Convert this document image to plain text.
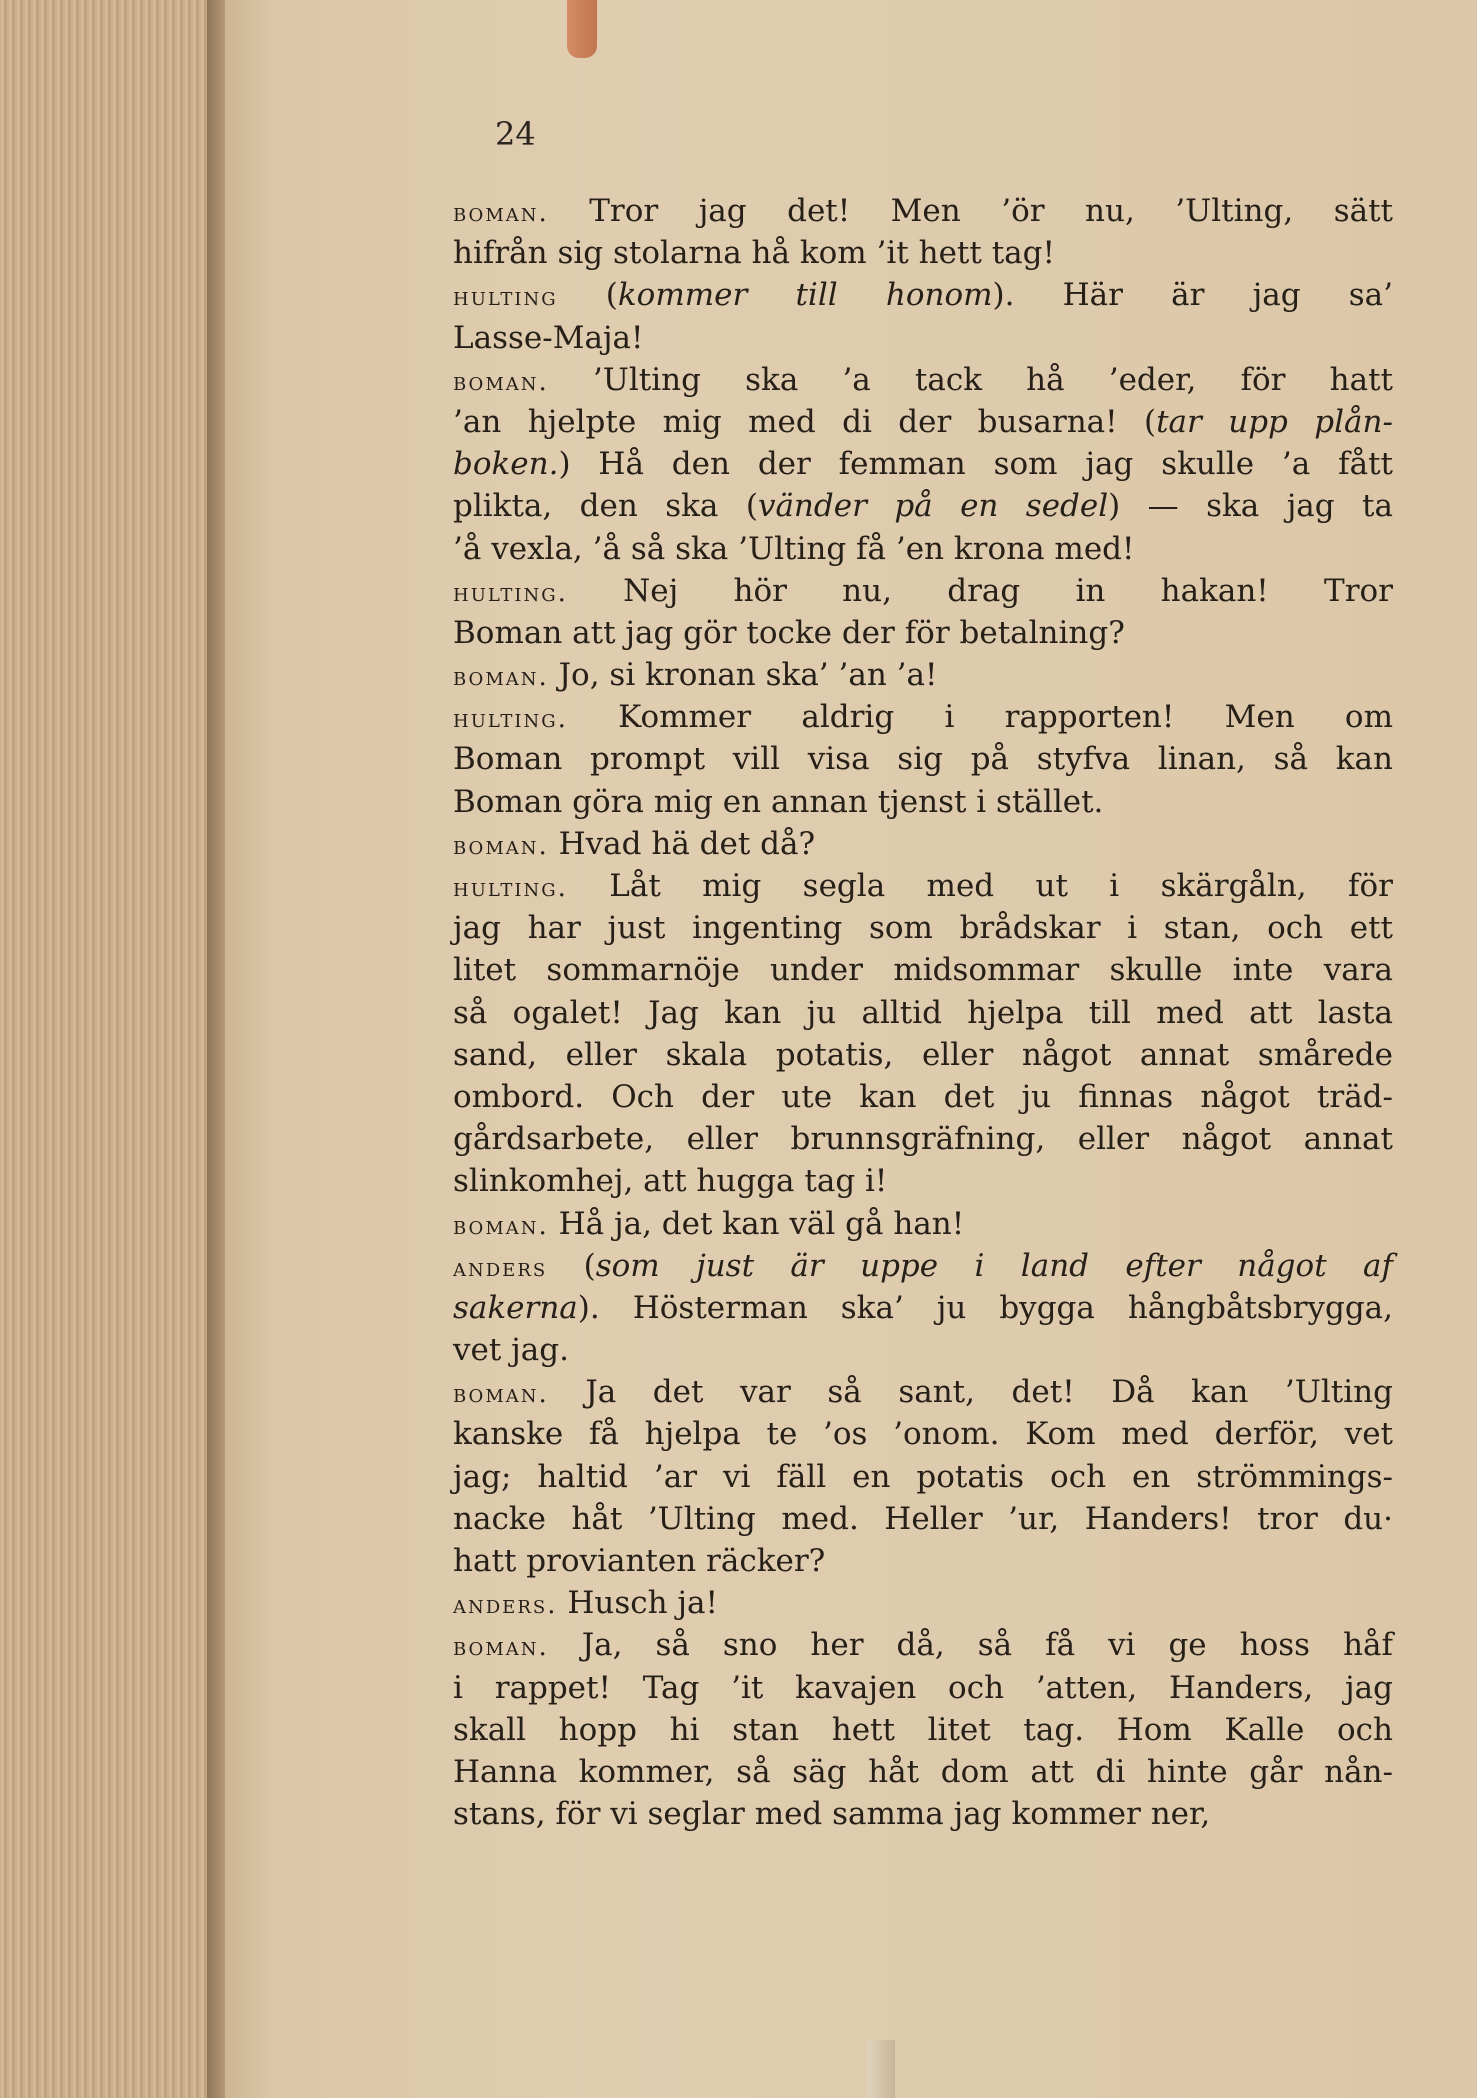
24
boman. Tror jag det! Men ’ör nu, ’Ulting, sätt
hifrån sig stolarna hå kom ’it hett tag!
hulting (kommer till honom). Här är jag sa’
Lasse-Maja!
boman. ’Ulting ska ’a tack hå ’eder, för hatt
’an hjelpte mig med di der busarna! (tar upp plån-
boken.) Hå den der femman som jag skulle ’a fått
plikta, den ska (vänder på en sedel) — ska jag ta
’å vexla, ’å så ska ’Ulting få ’en krona med!
hulting. Nej hör nu, drag in hakan! Tror
Boman att jag gör tocke der för betalning?
boman. Jo, si kronan ska’ ’an ’a!
hulting. Kommer aldrig i rapporten! Men om
Boman prompt vill visa sig på styfva linan, så kan
Boman göra mig en annan tjenst i stället.
boman. Hvad hä det då?
hulting. Låt mig segla med ut i skärgåln, för
jag har just ingenting som brådskar i stan, och ett
litet sommarnöje under midsommar skulle inte vara
så ogalet! Jag kan ju alltid hjelpa till med att lasta
sand, eller skala potatis, eller något annat smårede
ombord. Och der ute kan det ju finnas något träd-
gårdsarbete, eller brunnsgräfning, eller något annat
slinkomhej, att hugga tag i!
boman. Hå ja, det kan väl gå han!
anders (som just är uppe i land efter något af
sakerna). Hösterman ska’ ju bygga hångbåtsbrygga,
vet jag.
boman. Ja det var så sant, det! Då kan ’Ulting
kanske få hjelpa te ’os ’onom. Kom med derför, vet
jag; haltid ’ar vi fäll en potatis och en strömmings-
nacke håt ’Ulting med. Heller ’ur, Handers! tror du·
hatt provianten räcker?
anders. Husch ja!
boman. Ja, så sno her då, så få vi ge hoss håf
i rappet! Tag ’it kavajen och ’atten, Handers, jag
skall hopp hi stan hett litet tag. Hom Kalle och
Hanna kommer, så säg håt dom att di hinte går nån-
stans, för vi seglar med samma jag kommer ner,
